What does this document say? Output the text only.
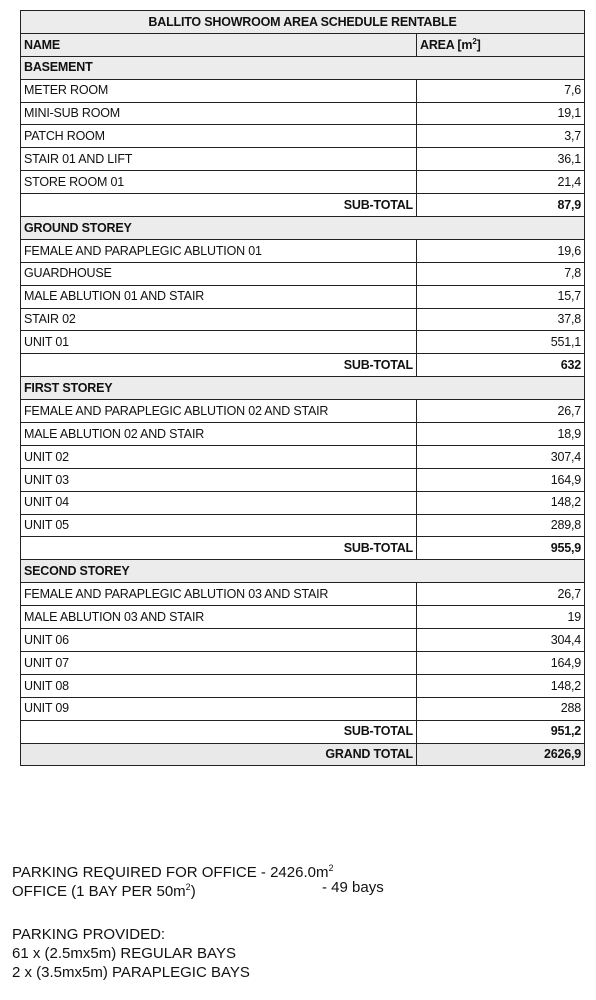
BALLITO SHOWROOM AREA SCHEDULE RENTABLE	
NAME	AREA $[m^2]$
BASEMENT	
METER ROOM	7,6
MINI-SUB ROOM	19,1
PATCH ROOM	3,7
STAIR 01 AND LIFT	36,1
STORE ROOM 01	21,4
SUB-TOTAL	87,9
GROUND STOREY	
FEMALE AND PARAPLEGIC ABLUTION 01	19,6
GUARDHOUSE	7,8
MALE ABLUTION 01 AND STAIR	15,7
STAIR 02	37,8
UNIT 01	551,1
SUB-TOTAL	632
FIRST STOREY	
FEMALE AND PARAPLEGIC ABLUTION 02 AND STAIR	26,7
MALE ABLUTION 02 AND STAIR	18,9
UNIT 02	307,4
UNIT 03	164,9
UNIT 04	148,2
UNIT 05	289,8
SUB-TOTAL	955,9
SECOND STOREY	
FEMALE AND PARAPLEGIC ABLUTION 03 AND STAIR	26,7
MALE ABLUTION 03 AND STAIR	19
UNIT 06	304,4
UNIT 07	164,9
UNIT 08	148,2
UNIT 09	288
SUB-TOTAL	951,2
GRAND TOTAL	2626,9
PARKING REQUIRED FOR OFFICE - $2426.0m^2$
OFFICE (1 BAY PER $50m^2$)	- 49 bays
PARKING PROVIDED:
61 x (2.5mx5m) REGULAR BAYS
2 x (3.5mx5m) PARAPLEGIC BAYS
